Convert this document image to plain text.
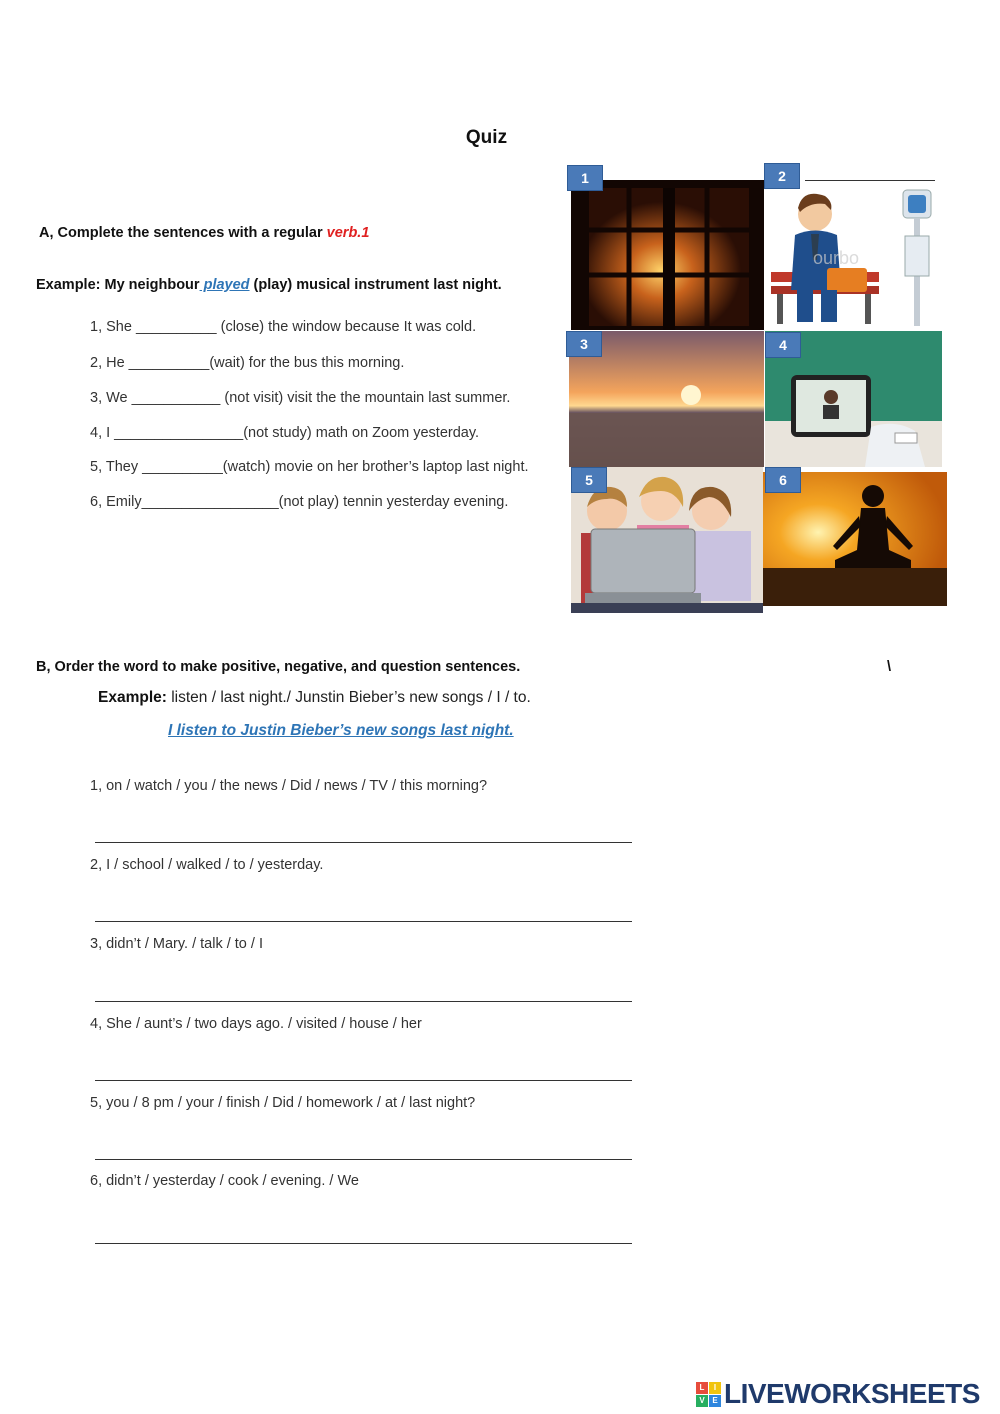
Quiz
A, Complete the sentences with a regular verb.1
Example: My neighbour played (play) musical instrument last night.
1, She __________ (close) the window because It was cold.
2, He __________(wait) for the bus this morning.
3, We ___________ (not visit) visit the the mountain last summer.
4, I ________________(not study) math on Zoom yesterday.
5, They __________(watch) movie on her brother’s laptop last night.
6, Emily_________________(not play) tennin yesterday evening.
ourbo
1	2
3	4
5	6
B, Order the word to make positive, negative, and question sentences.	\
Example: listen / last night./ Junstin Bieber’s new songs / I / to.
I listen to Justin Bieber’s new songs last night.
1, on / watch / you / the news / Did / news / TV / this morning?
2, I / school / walked / to / yesterday.
3, didn’t / Mary. / talk / to / I
4, She / aunt’s / two days ago. / visited / house / her
5, you / 8 pm / your / finish / Did / homework / at / last night?
6, didn’t / yesterday / cook / evening. / We
L	I
V E LIVEWORKSHEETS
